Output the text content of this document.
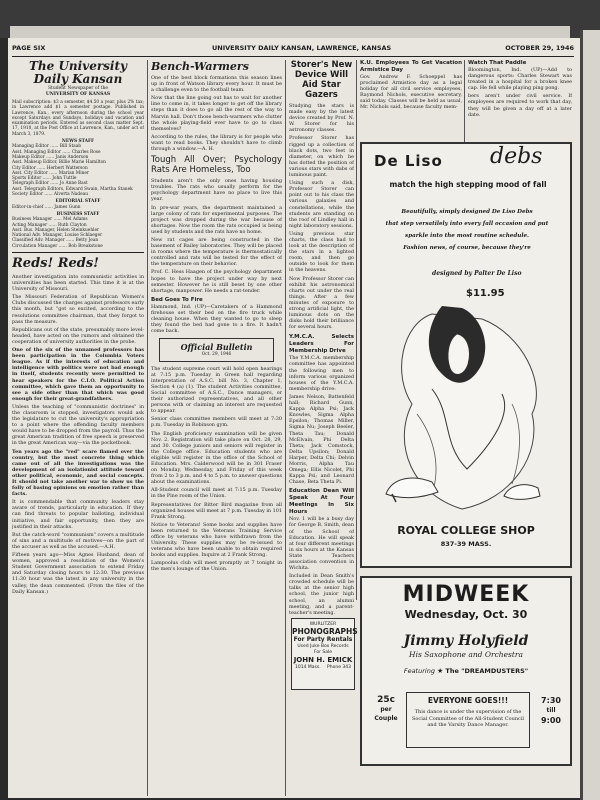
PAGE SIX	UNIVERSITY DAILY KANSAN, LAWRENCE, KANSAS	OCTOBER 29, 1946
The University
Daily Kansan
Student Newspaper of the
UNIVERSITY OF KANSAS

Mail subscription: $3 a semester, $4.50 a year, plus 2% tax; in Lawrence add $1 a semester postage. Published in Lawrence, Kan., every afternoon during the school year except Saturdays and Sundays, holidays and vacation and examination periods. Entered as second class matter Sept. 17, 1910, at the Post Office at Lawrence, Kan., under act of March 3, 1879.

NEWS STAFF

Managing Editor ...... Bill Staab
Asst. Managing Editor ...... Charles Rose
Makeup Editor ...... Janis Anderson
Asst. Makeup Editor, Billie Marie Hamilton
City Editor ...... Herbert Watterson
Asst. City Editor ...... Marian Miner
Sports Editor ...... John Tuttle
Telegraph Editor ...... Jo Anne Bast
Asst. Telegraph Editors, Edward Swain, Martha Stanek
Society Editor ...... Alverta Nadeau

EDITORIAL STAFF

Editor-in-chief ...... James Gunn

BUSINESS STAFF

Business Manager ...... Mel Adams
Acting Manager ...... Ruth Clayton
Asst. Bus. Manager, Helen Steinkuehler
National Adv. Manager, Louise Schlaeger
Classified Adv. Manager ...... Betty Jean
Circulation Manager ...... Bob Breakstone

Reds! Reds!

Another investigation into communistic activities in universities has been started. This time it is at the University of Missouri.

The Missouri Federation of Republican Women's Clubs discussed the charges against professors early this month, but "got so excited, according to the resolutions committee chairman, that they forgot to pass the measure.

Republicans out of the state, presumably more level-headed, have acted on the rumors and obtained the cooperation of university authorities in the probe.

One of the six of the unnamed professors has been participation in the Columbia Voters league. As if the interests of education and intelligence with politics were not bad enough in itself, students recently were permitted to hear speakers for the C.I.O. Political Action committee, which gave them an opportunity to see a side other than that which was good enough for their great-grandfathers.

Unless the teaching of "communistic doctrines" in the classroom is stopped, investigators would ask the legislature to cut the university's appropriation to a point where the offending faculty members would have to be dropped from the payroll. Thus the great American tradition of free speech is preserved in the great American way—via the pocketbook.

Ten years ago the "red" scare flamed over the country, but the most concrete thing which came out of all the investigations was the development of an isolationist attitude toward other political, economic, and social concepts. It should not take another war to show us the folly of basing opinions on emotion rather than facts.

It is commendable that community leaders stay aware of trends, particularly in education. If they can find threats to popular balloting, individual initiative, and fair opportunity, then they are justified in their attacks.

But the catch-word "communism" covers a multitude of sins and a multitude of motives—on the part of the accuser as well as the accused.—A.H.

Fifteen years ago—Miss Agnes Husband, dean of women, approved a resolution of the Women's Student Government association to extend Friday and Saturday closing hours to 12:30. The previous 11:30 hour was the latest in any university in the valley, the dean commented. (From the files of the Daily Kansan.)

Bench-Warmers

One of the best block formations this season lines up in front of Watson library every hour. It must be a challenge even to the football team.

Now that the line going out has to wait for another line to come in, it takes longer to get off the library steps than it does to go all the rest of the way to Marvin hall. Don't those bench-warmers who clutter the whole playing-field ever have to go to class themselves?

According to the rules, the library is for people who want to read books. They shouldn't have to climb through a window.—A. H.

Tough All Over; Psychology Rats Are Homeless, Too

Students aren't the only ones having housing troubles. The rats who usually perform for the psychology department have no place to live this year.

In pre-war years, the department maintained a large colony of rats for experimental purposes. The project was dropped during the war because of shortages. Now the room the rats occupied is being used by students and the rats have no home.

New rat cages are being constructed in the basement of Bailey laboratories. They will be placed in rooms where the temperature is thermostatically controlled and rats will be tested for the effect of the temperature on their behavior.

Prof. C. Hess Haagen of the psychology department hopes to have the project under way by next semester. However he is still beset by one other shortage, manpower. He needs a rat-tender.

Bed Goes To Fire

Hammond, Ind. (UP)—Caretakers of a Hammond firehouse set their bed on the fire truck while cleaning house. When they wanted to go to sleep they found the bed had gone to a fire. It hadn't come back.

Official Bulletin
Oct. 29, 1946

The student supreme court will hold open hearings at 7:15 p.m. Tuesday in Green hall regarding interpretation of A.S.C. bill No. 3, Chapter 1, Section 4 (a) (1). The student Activities committee, Social committee of A.S.C., Dance managers, or their authorized representatives, and all other persons with or claiming an interest are requested to appear.

Senior class committee members will meet at 7:30 p.m. Tuesday in Robinson gym.

The English proficiency examination will be given Nov. 2. Registration will take place on Oct. 28, 29, and 30. College juniors and seniors will register in the College office. Education students who are eligible will register in the office of the School of Education. Mrs. Calderwood will be in 301 Fraser on Monday, Wednesday, and Friday of this week from 2 to 3 p.m. and 4 to 5 p.m. to answer questions about the examinations.

All-Student council will meet at 7:15 p.m. Tuesday in the Pine room of the Union.

Representatives for Bitter Bird magazine from all organized houses will meet at 7 p.m. Tuesday in 101 Frank Strong.

Notice to Veterans! Some books and supplies have been returned to the Veterans Training Service office by veterans who have withdrawn from the University. These supplies may be re-issued to veterans who have been unable to obtain required books and supplies. Inquire at 2 Frank Strong.

Lampoolus club will meet promptly at 7 tonight in the men's lounge of the Union.

Storer's New Device Will Aid Star Gazers

Studying the stars is made easy by the latest device created by Prof. N. W. Storer for his astronomy classes.

Professor Storer has rigged up a collection of black dots, two feet in diameter, on which he has dotted the position of various stars with dabs of luminous paint.

Using such a disk, Professor Storer can point out to his class the various galaxies and constellations, while the students are standing on the roof of Lindley hall in night laboratory sessions.

Using previous star charts, the class had to look at the description of the stars in a lighted room, and then go outside to look for them in the heavens.

Now Professor Storer can exhibit his astronomical charts out under the real things. After a few minutes of exposure to strong artificial light, the luminous dots on the disks hold their brilliance for several hours.

Y.M.C.A. Selects Leaders For Membership Drive

The Y.M.C.A. membership committee has appointed the following men to inform various organized houses of the Y.M.C.A. membership drive:

James Nelson, Battenfeld hall; Richard Gunn, Kappa Alpha Psi; Jack Knowles, Sigma Alpha Epsilon; Thomas Miller, Sigma Nu; Joseph Beeler, Theta Tau; Donald McElvain, Phi Delta Theta; Jack Comstock, Delta Upsilon; Donald Harper, Delta Chi; Delvin Morris, Alpha Tau Omega; Ellis Nicolet, Phi Kappa Psi; and Leonard Chase, Beta Theta Pi.

Education Dean Will Speak At Four Meetings In Six Hours

Nov. 1 will be a busy day for George B. Smith, dean of the School of Education. He will speak at four different meetings in six hours at the Kansas State Teachers association convention in Wichita.

Included in Dean Smith's crowded schedule will be talks at the senior high school, the junior high school, an alumni meeting, and a parent-teacher's meeting.

WURLITZER
PHONOGRAPHS
For Party Rentals
Used Juke Box Records
For Sale
JOHN H. EMICK
1014 Mass. Phone 343
K.U. Employees To Get Vacation Armistice Day

Gov. Andrew F. Schoeppel has proclaimed Armistice day as a legal holiday for all civil service employees, Raymond Nichols, executive secretary, said today. Classes will be held as usual, Mr. Nichols said, because faculty mem-

Watch That Paddle

Bloomington, Ind. (UP)—Add to dangerous sports: Charles Stewart was treated in a hospital for a broken knee cap. He fell while playing ping pong.

bers aren't under civil service. If employees are required to work that day, they will be given a day off at a later date.

De Liso debs
match the high stepping mood of fall
Beautifully, simply designed De Liso Debs
that step versatilely into every fall occasion and put
sparkle into the most routine schedule.
Fashion news, of course, because they're
designed by Palter De Liso
$11.95
ROYAL COLLEGE SHOP
837-39 MASS.
MIDWEEK
Wednesday, Oct. 30
Jimmy Holyfield
His Saxophone and Orchestra
Featuring ★ The "DREAMDUSTERS"
25c
per
Couple
EVERYONE GOES!!!
This dance is under the supervision of the Social Committee of the All-Student Council and the Varsity Dance Manager.
7:30
till
9:00
